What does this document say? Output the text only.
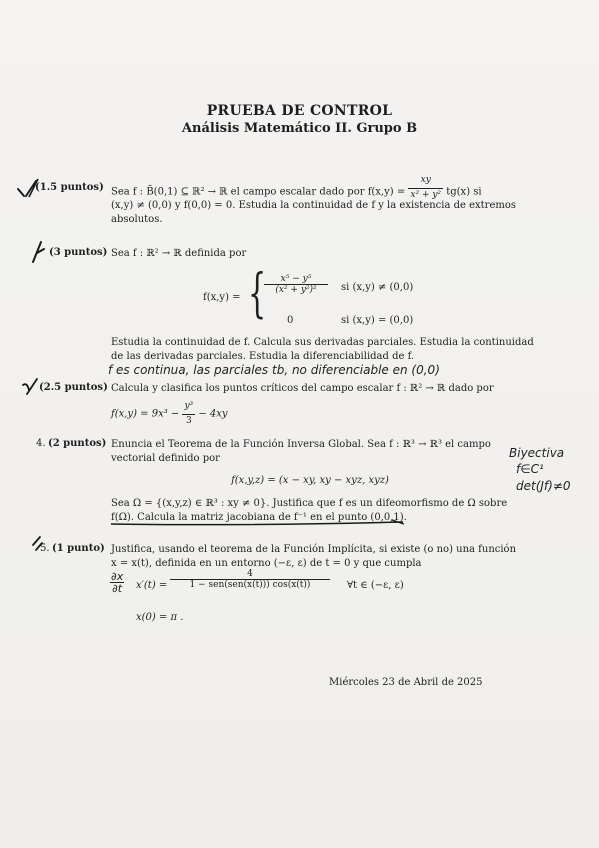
PRUEBA DE CONTROL
Análisis Matemático II. Grupo B
(1.5 puntos) Sea f : B̄(0,1) ⊆ ℝ² → ℝ el campo escalar dado por $f(x,y) = \frac{xy}{\text{x² + y²}} tg(x)$ si
(x,y) ≠ (0,0) y f(0,0) = 0. Estudia la continuidad de f y la existencia de extremos
absolutos.
(3 puntos) Sea f : ℝ² → ℝ definida por
f(x,y) = {
$\frac{\text{x⁵ − y⁵}}{\text{(x² + y²)²}}$ si (x,y) ≠ (0,0)
0	si (x,y) = (0,0)
Estudia la continuidad de f. Calcula sus derivadas parciales. Estudia la continuidad
de las derivadas parciales. Estudia la diferenciabilidad de f.
f es continua, las parciales tb, no diferenciable en (0,0)
(2.5 puntos) Calcula y clasifica los puntos críticos del campo escalar f : ℝ² → ℝ dado por
$f(x,y) = 9x^3 - \frac{\text{y³}}{3} - 4xy$
4. (2 puntos) Enuncia el Teorema de la Función Inversa Global. Sea f : ℝ³ → ℝ³ el campo
vectorial definido por
f(x,y,z) = (x − xy, xy − xyz, xyz)
Sea Ω = {(x,y,z) ∈ ℝ³ : xy ≠ 0}. Justifica que f es un difeomorfismo de Ω sobre
f(Ω). Calcula la matriz jacobiana de f⁻¹ en el punto (0,0,1).
Biyectiva
f∈C¹
det(Jf)≠0
5. (1 punto) Justifica, usando el teorema de la Función Implícita, si existe (o no) una función
x = x(t), definida en un entorno (−ε, ε) de t = 0 y que cumpla
$\frac{\partial x}{\partial t} x'(t)$ =
4
1 − sen(sen(x(t))) cos(x(t))	∀t ∈ (−ε, ε)
x(0) = π .
Miércoles 23 de Abril de 2025
